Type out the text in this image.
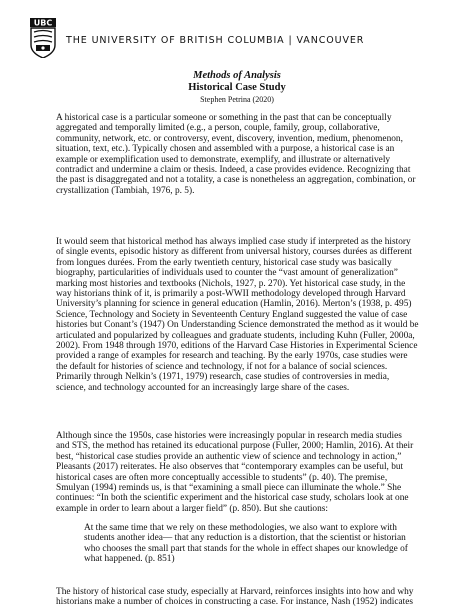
UBC
THE UNIVERSITY OF BRITISH COLUMBIA | VANCOUVER
Methods of Analysis
Historical Case Study
Stephen Petrina (2020)
A historical case is a particular someone or something in the past that can be conceptually
aggregated and temporally limited (e.g., a person, couple, family, group, collaborative,
community, network, etc. or controversy, event, discovery, invention, medium, phenomenon,
situation, text, etc.). Typically chosen and assembled with a purpose, a historical case is an
example or exemplification used to demonstrate, exemplify, and illustrate or alternatively
contradict and undermine a claim or thesis. Indeed, a case provides evidence. Recognizing that
the past is disaggregated and not a totality, a case is nonetheless an aggregation, combination, or
crystallization (Tambiah, 1976, p. 5).
It would seem that historical method has always implied case study if interpreted as the history
of single events, episodic history as different from universal history, courses durées as different
from longues durées. From the early twentieth century, historical case study was basically
biography, particularities of individuals used to counter the “vast amount of generalization”
marking most histories and textbooks (Nichols, 1927, p. 270). Yet historical case study, in the
way historians think of it, is primarily a post-WWII methodology developed through Harvard
University’s planning for science in general education (Hamlin, 2016). Merton’s (1938, p. 495)
Science, Technology and Society in Seventeenth Century England suggested the value of case
histories but Conant’s (1947) On Understanding Science demonstrated the method as it would be
articulated and popularized by colleagues and graduate students, including Kuhn (Fuller, 2000a,
2002). From 1948 through 1970, editions of the Harvard Case Histories in Experimental Science
provided a range of examples for research and teaching. By the early 1970s, case studies were
the default for histories of science and technology, if not for a balance of social sciences.
Primarily through Nelkin’s (1971, 1979) research, case studies of controversies in media,
science, and technology accounted for an increasingly large share of the cases.
Although since the 1950s, case histories were increasingly popular in research media studies
and STS, the method has retained its educational purpose (Fuller, 2000; Hamlin, 2016). At their
best, “historical case studies provide an authentic view of science and technology in action,”
Pleasants (2017) reiterates. He also observes that “contemporary examples can be useful, but
historical cases are often more conceptually accessible to students” (p. 40). The premise,
Smulyan (1994) reminds us, is that “examining a small piece can illuminate the whole.” She
continues: “In both the scientific experiment and the historical case study, scholars look at one
example in order to learn about a larger field” (p. 850). But she cautions:
At the same time that we rely on these methodologies, we also want to explore with
students another idea— that any reduction is a distortion, that the scientist or historian
who chooses the small part that stands for the whole in effect shapes our knowledge of
what happened. (p. 851)
The history of historical case study, especially at Harvard, reinforces insights into how and why
historians make a number of choices in constructing a case. For instance, Nash (1952) indicates
